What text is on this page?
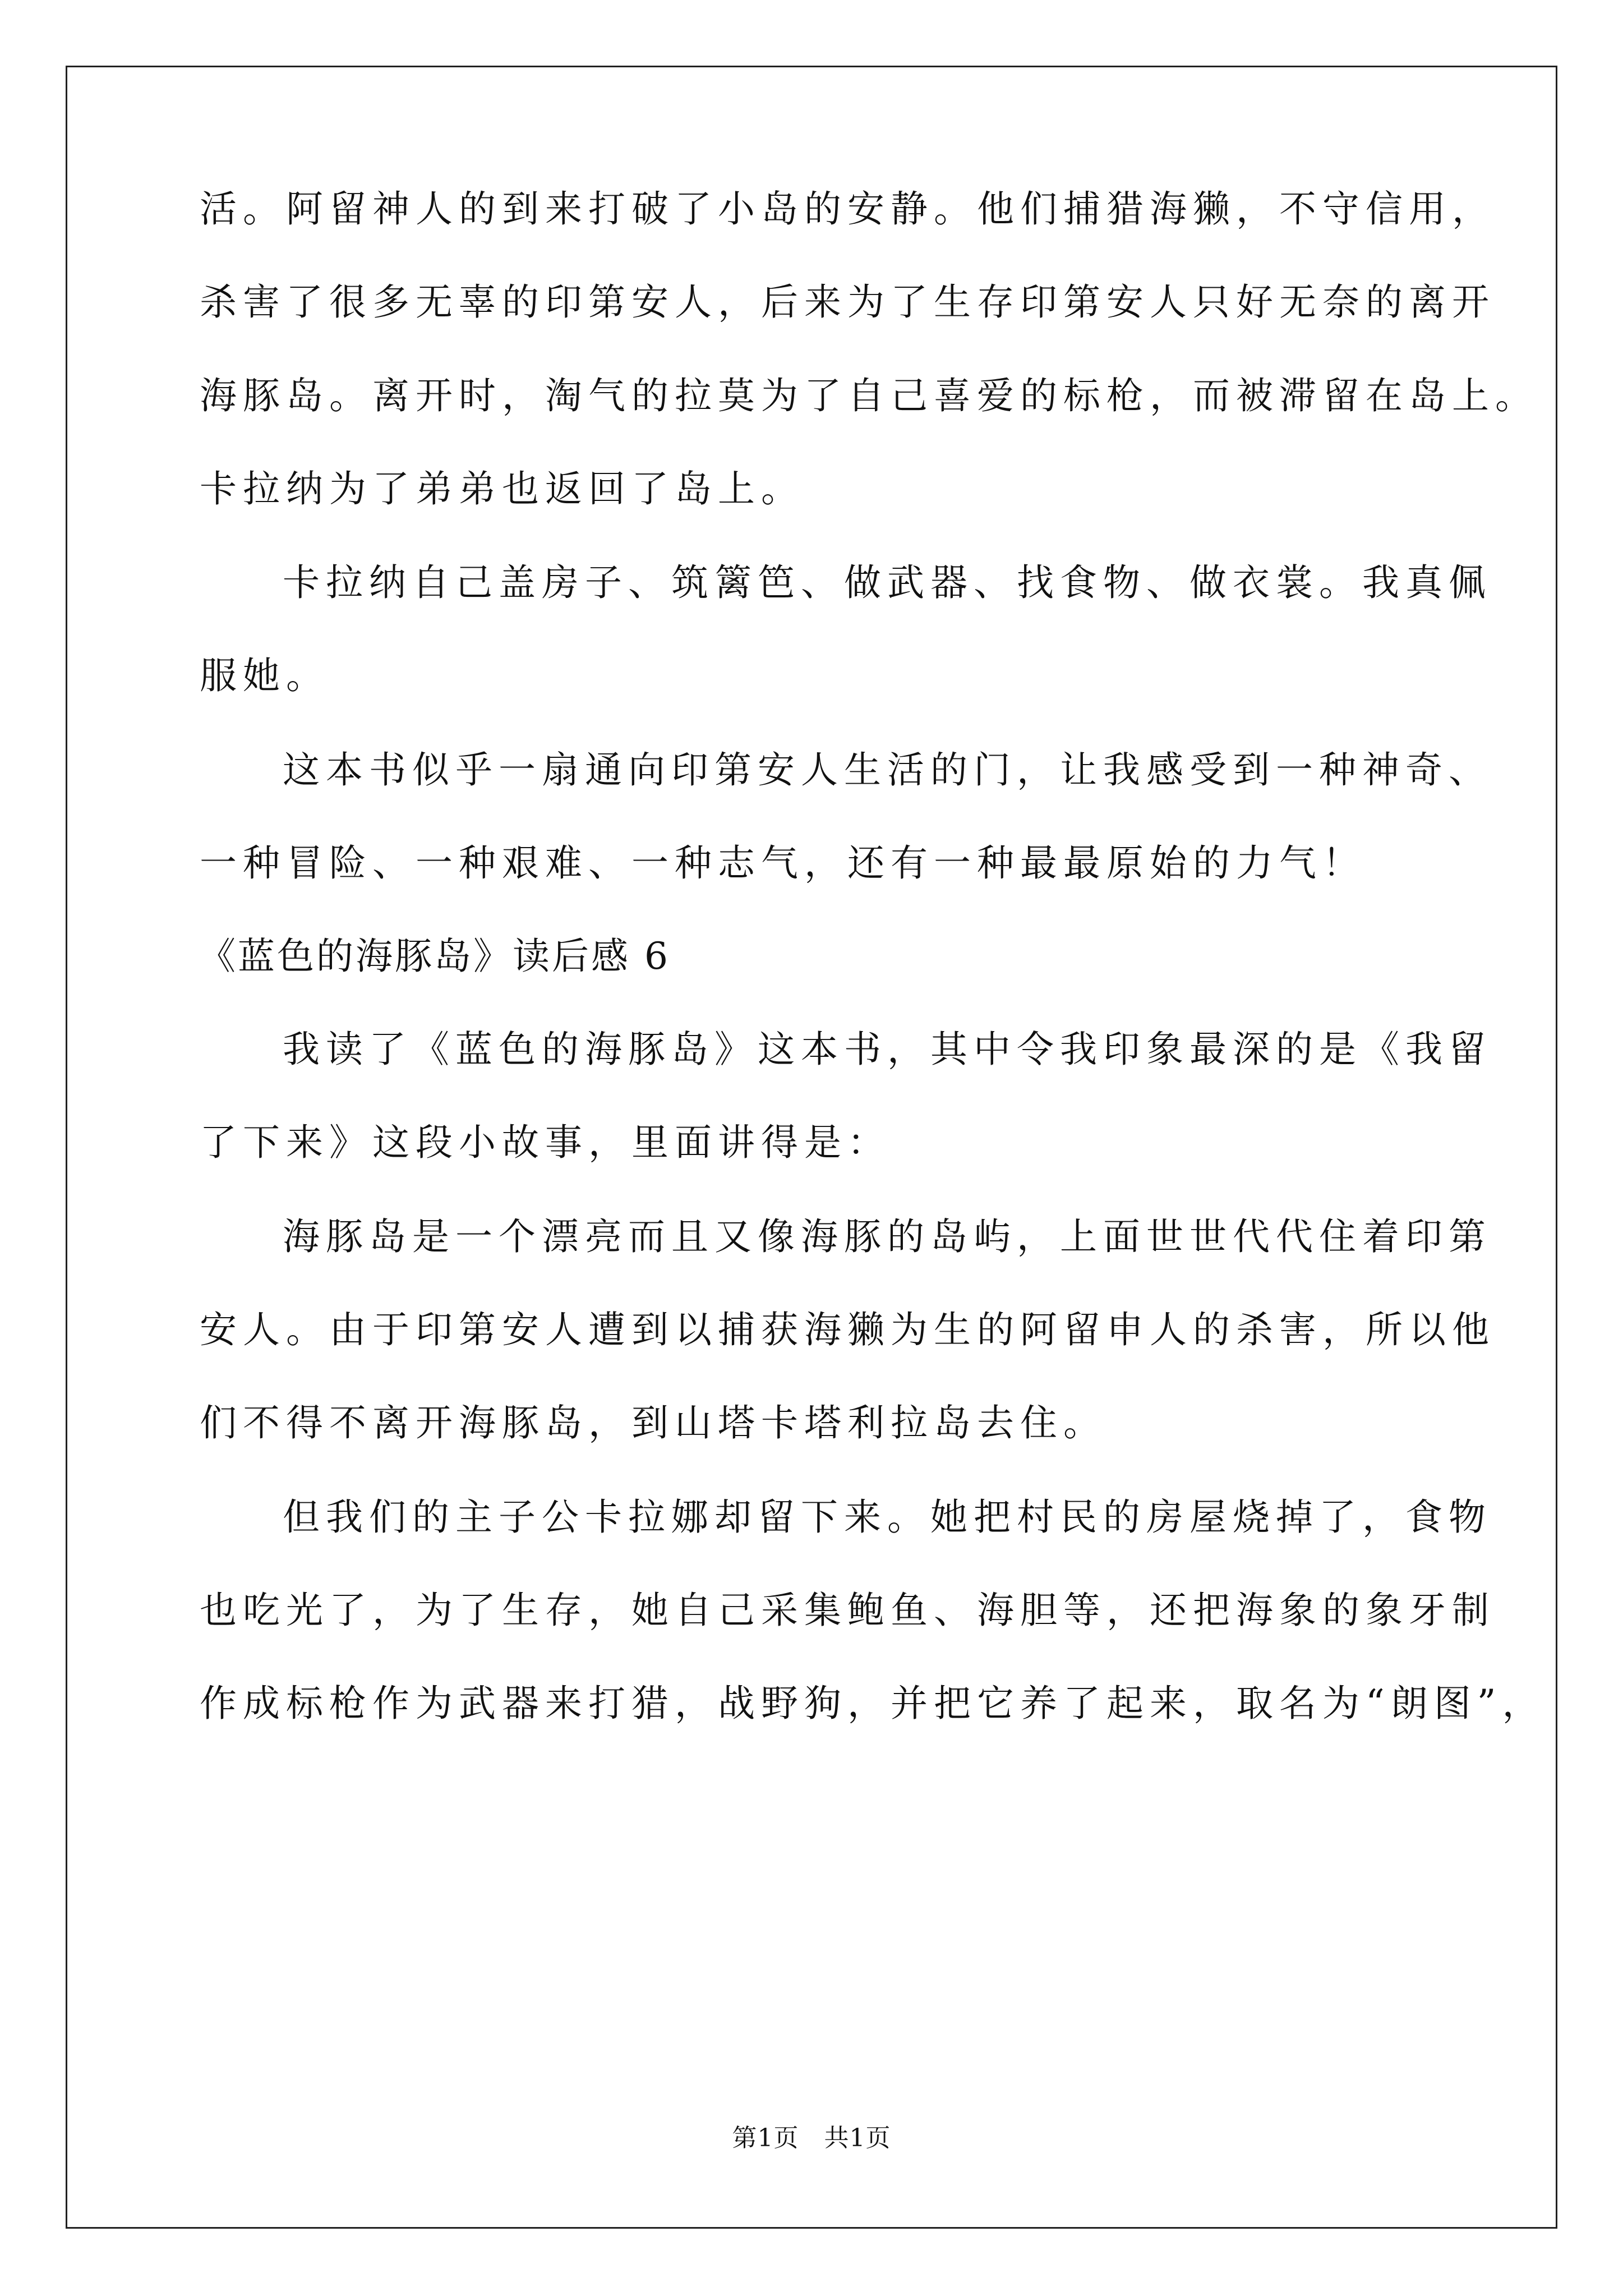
活。阿留神人的到来打破了小岛的安静。他们捕猎海獭，不守信用，
杀害了很多无辜的印第安人，后来为了生存印第安人只好无奈的离开
海豚岛。离开时，淘气的拉莫为了自己喜爱的标枪，而被滞留在岛上。
卡拉纳为了弟弟也返回了岛上。
卡拉纳自己盖房子、筑篱笆、做武器、找食物、做衣裳。我真佩
服她。
这本书似乎一扇通向印第安人生活的门，让我感受到一种神奇、
一种冒险、一种艰难、一种志气，还有一种最最原始的力气！
《蓝色的海豚岛》读后感 6
我读了《蓝色的海豚岛》这本书，其中令我印象最深的是《我留
了下来》这段小故事，里面讲得是：
海豚岛是一个漂亮而且又像海豚的岛屿，上面世世代代住着印第
安人。由于印第安人遭到以捕获海獭为生的阿留申人的杀害，所以他
们不得不离开海豚岛，到山塔卡塔利拉岛去住。
但我们的主子公卡拉娜却留下来。她把村民的房屋烧掉了，食物
也吃光了，为了生存，她自己采集鲍鱼、海胆等，还把海象的象牙制
作成标枪作为武器来打猎，战野狗，并把它养了起来，取名为“朗图”，
第1页   共1页
